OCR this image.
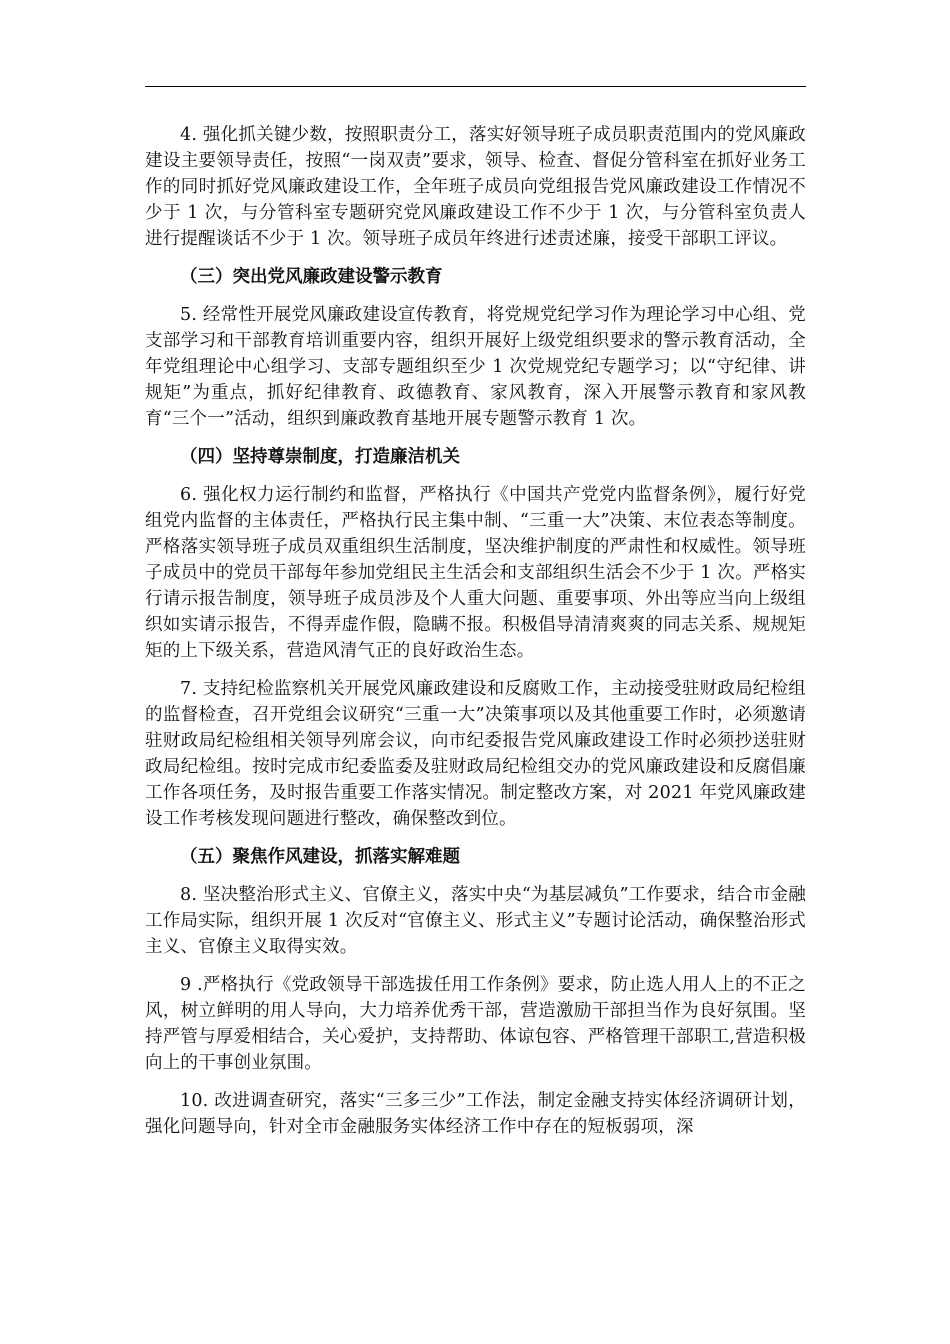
4. 强化抓关键少数，按照职责分工，落实好领导班子成员职责范围内的党风廉政建设主要领导责任，按照“一岗双责”要求，领导、检查、督促分管科室在抓好业务工作的同时抓好党风廉政建设工作，全年班子成员向党组报告党风廉政建设工作情况不少于 1 次，与分管科室专题研究党风廉政建设工作不少于 1 次，与分管科室负责人进行提醒谈话不少于 1 次。领导班子成员年终进行述责述廉，接受干部职工评议。

（三）突出党风廉政建设警示教育

5. 经常性开展党风廉政建设宣传教育，将党规党纪学习作为理论学习中心组、党支部学习和干部教育培训重要内容，组织开展好上级党组织要求的警示教育活动，全年党组理论中心组学习、支部专题组织至少 1 次党规党纪专题学习；以“守纪律、讲规矩”为重点，抓好纪律教育、政德教育、家风教育，深入开展警示教育和家风教育“三个一”活动，组织到廉政教育基地开展专题警示教育 1 次。

（四）坚持尊崇制度，打造廉洁机关

6. 强化权力运行制约和监督，严格执行《中国共产党党内监督条例》，履行好党组党内监督的主体责任，严格执行民主集中制、“三重一大”决策、末位表态等制度。严格落实领导班子成员双重组织生活制度，坚决维护制度的严肃性和权威性。领导班子成员中的党员干部每年参加党组民主生活会和支部组织生活会不少于 1 次。严格实行请示报告制度，领导班子成员涉及个人重大问题、重要事项、外出等应当向上级组织如实请示报告，不得弄虚作假，隐瞒不报。积极倡导清清爽爽的同志关系、规规矩矩的上下级关系，营造风清气正的良好政治生态。

7. 支持纪检监察机关开展党风廉政建设和反腐败工作，主动接受驻财政局纪检组的监督检查，召开党组会议研究“三重一大”决策事项以及其他重要工作时，必须邀请驻财政局纪检组相关领导列席会议，向市纪委报告党风廉政建设工作时必须抄送驻财政局纪检组。按时完成市纪委监委及驻财政局纪检组交办的党风廉政建设和反腐倡廉工作各项任务，及时报告重要工作落实情况。制定整改方案，对 2021 年党风廉政建设工作考核发现问题进行整改，确保整改到位。

（五）聚焦作风建设，抓落实解难题

8. 坚决整治形式主义、官僚主义，落实中央“为基层减负”工作要求，结合市金融工作局实际，组织开展 1 次反对“官僚主义、形式主义”专题讨论活动，确保整治形式主义、官僚主义取得实效。

9 .严格执行《党政领导干部选拔任用工作条例》要求，防止选人用人上的不正之风，树立鲜明的用人导向，大力培养优秀干部，营造激励干部担当作为良好氛围。坚持严管与厚爱相结合，关心爱护，支持帮助、体谅包容、严格管理干部职工,营造积极向上的干事创业氛围。

10. 改进调查研究，落实“三多三少”工作法，制定金融支持实体经济调研计划，强化问题导向，针对全市金融服务实体经济工作中存在的短板弱项，深
